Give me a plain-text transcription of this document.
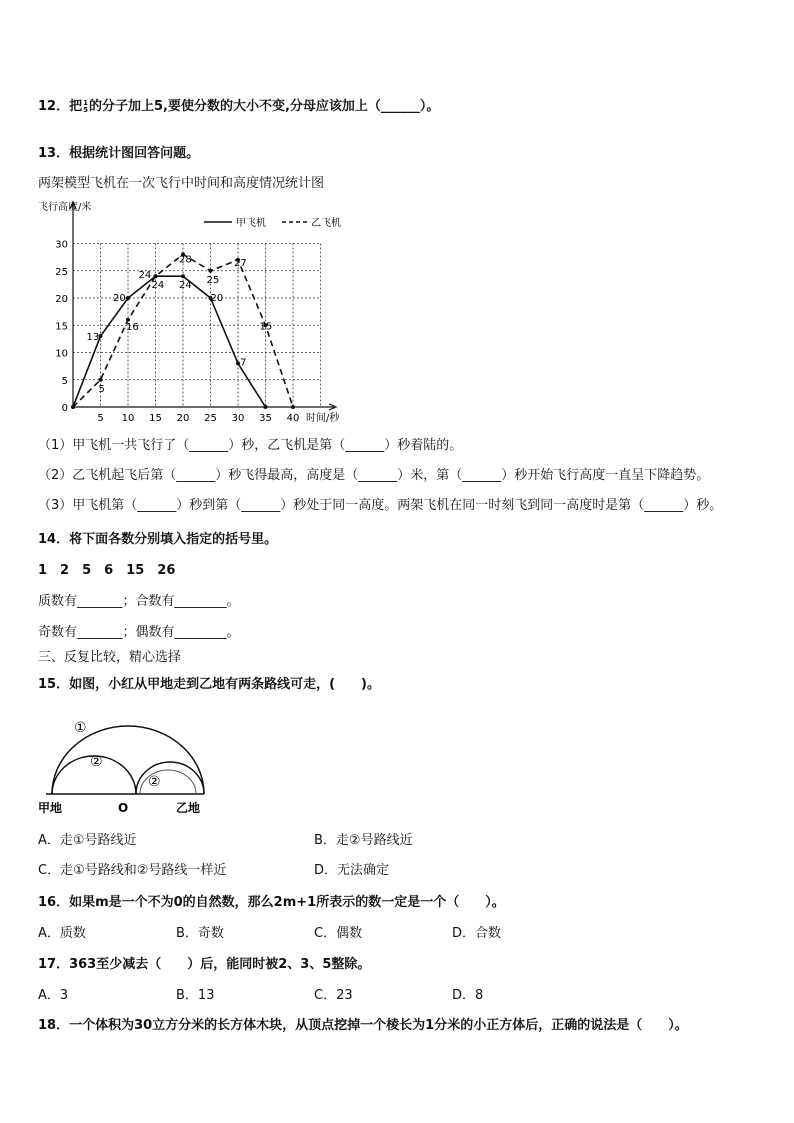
12．把 1
5 的分子加上5,要使分数的大小不变,分母应该加上（______）。
13．根据统计图回答问题。
两架模型飞机在一次飞行中时间和高度情况统计图
5 10 15 20 25 30 35 40
0
5
10
15
20
25
30
飞行高度/米
时间/秒
甲飞机	乙飞机
13
20
24
24
20
7
5
16
24
28
25
27
15
（1）甲飞机一共飞行了（______）秒，乙飞机是第（______）秒着陆的。
（2）乙飞机起飞后第（______）秒飞得最高，高度是（______）米，第（______）秒开始飞行高度一直呈下降趋势。
（3）甲飞机第（______）秒到第（______）秒处于同一高度。两架飞机在同一时刻飞到同一高度时是第（______）秒。
14．将下面各数分别填入指定的括号里。
1　2　5　6　15　26
质数有_______；合数有________。
奇数有_______；偶数有________。
三、反复比较，精心选择
15．如图，小红从甲地走到乙地有两条路线可走，(　　)。
①
②
②
甲地	O	乙地
A．走①号路线近	B．走②号路线近
C．走①号路线和②号路线一样近	D．无法确定
16．如果m是一个不为0的自然数，那么2m+1所表示的数一定是一个（　　）。
A．质数	B．奇数	C．偶数	D．合数
17．363至少减去（　　）后，能同时被2、3、5整除。
A．3	B．13	C．23	D．8
18．一个体积为30立方分米的长方体木块，从顶点挖掉一个棱长为1分米的小正方体后，正确的说法是（　　）。
